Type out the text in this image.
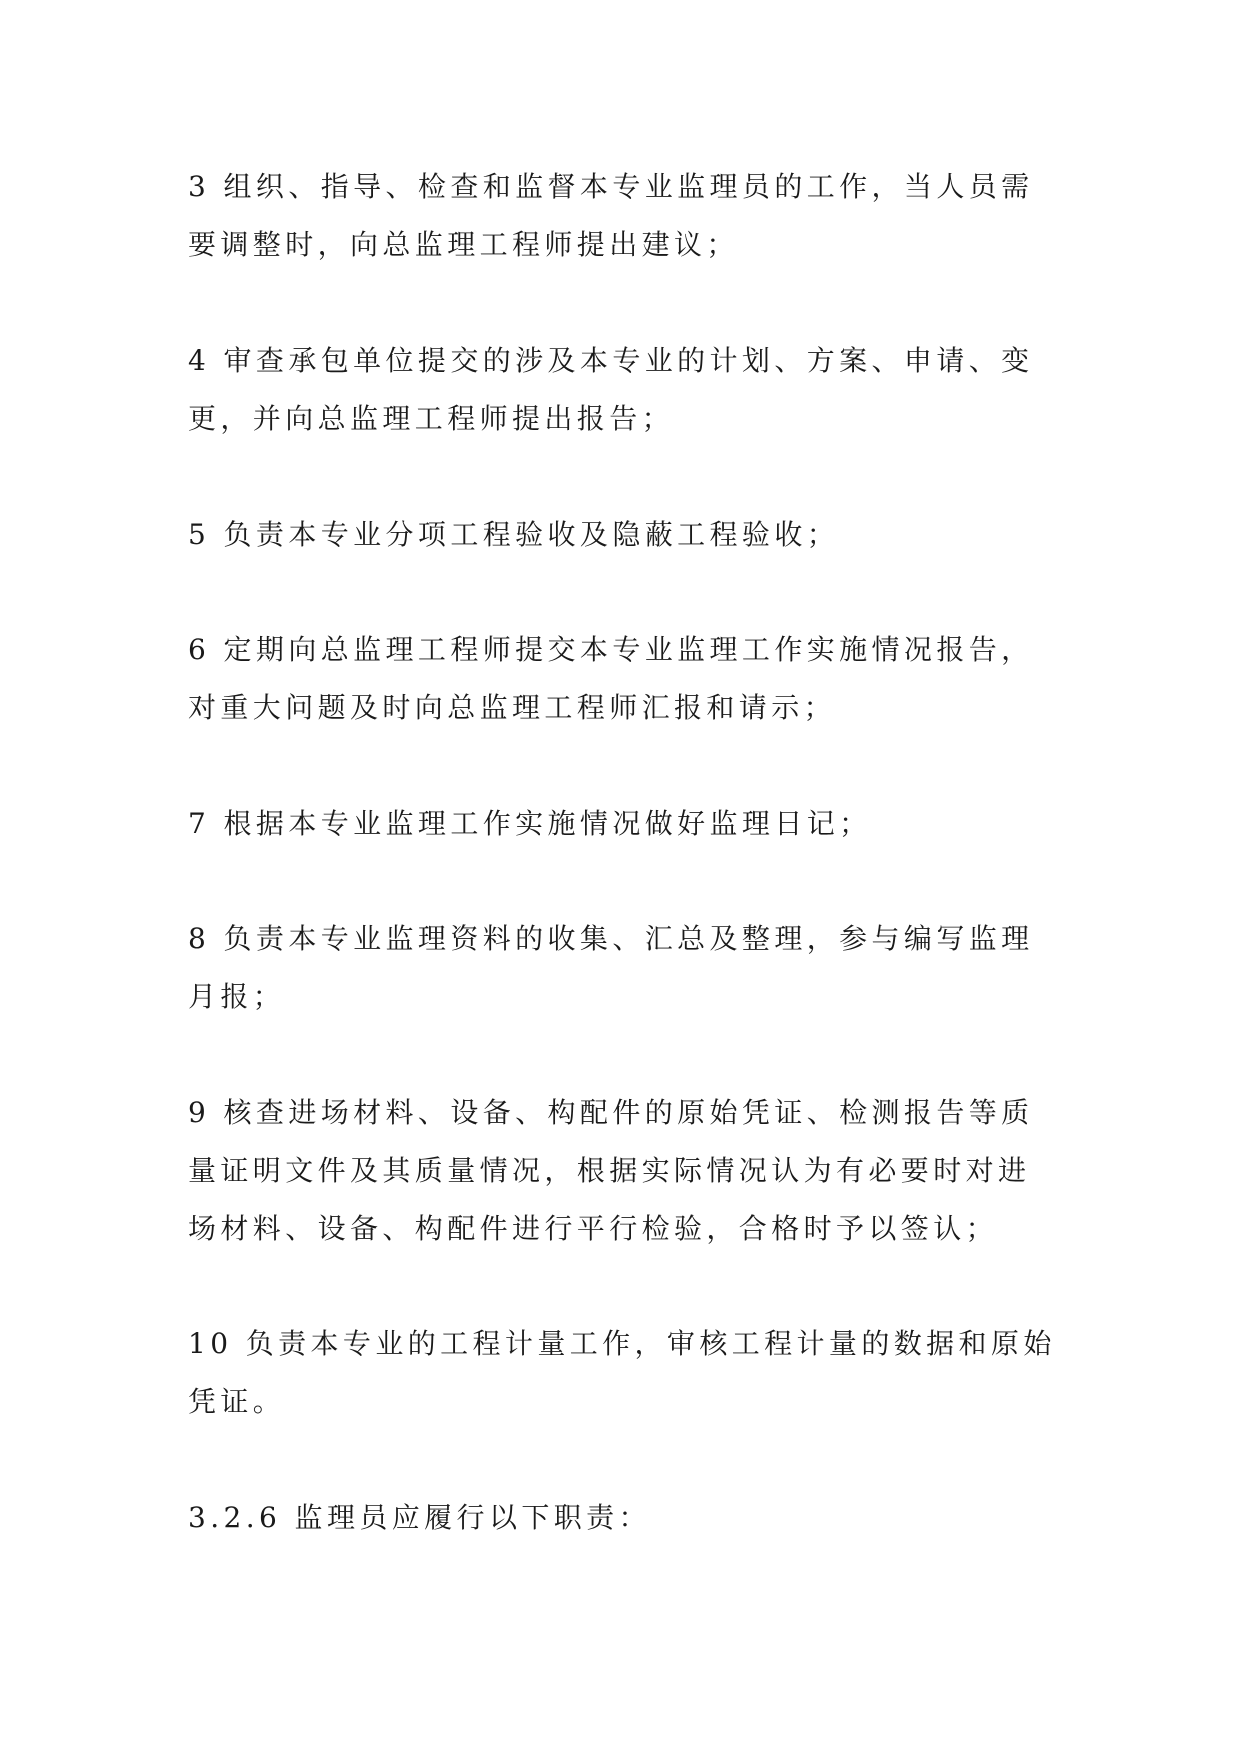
3 组织、指导、检查和监督本专业监理员的工作，当人员需要调整时，向总监理工程师提出建议；

4 审查承包单位提交的涉及本专业的计划、方案、申请、变更，并向总监理工程师提出报告；

5 负责本专业分项工程验收及隐蔽工程验收；

6 定期向总监理工程师提交本专业监理工作实施情况报告，对重大问题及时向总监理工程师汇报和请示；

7 根据本专业监理工作实施情况做好监理日记；

8 负责本专业监理资料的收集、汇总及整理，参与编写监理月报；

9 核查进场材料、设备、构配件的原始凭证、检测报告等质量证明文件及其质量情况，根据实际情况认为有必要时对进场材料、设备、构配件进行平行检验，合格时予以签认；

10 负责本专业的工程计量工作，审核工程计量的数据和原始凭证。

3.2.6 监理员应履行以下职责：
